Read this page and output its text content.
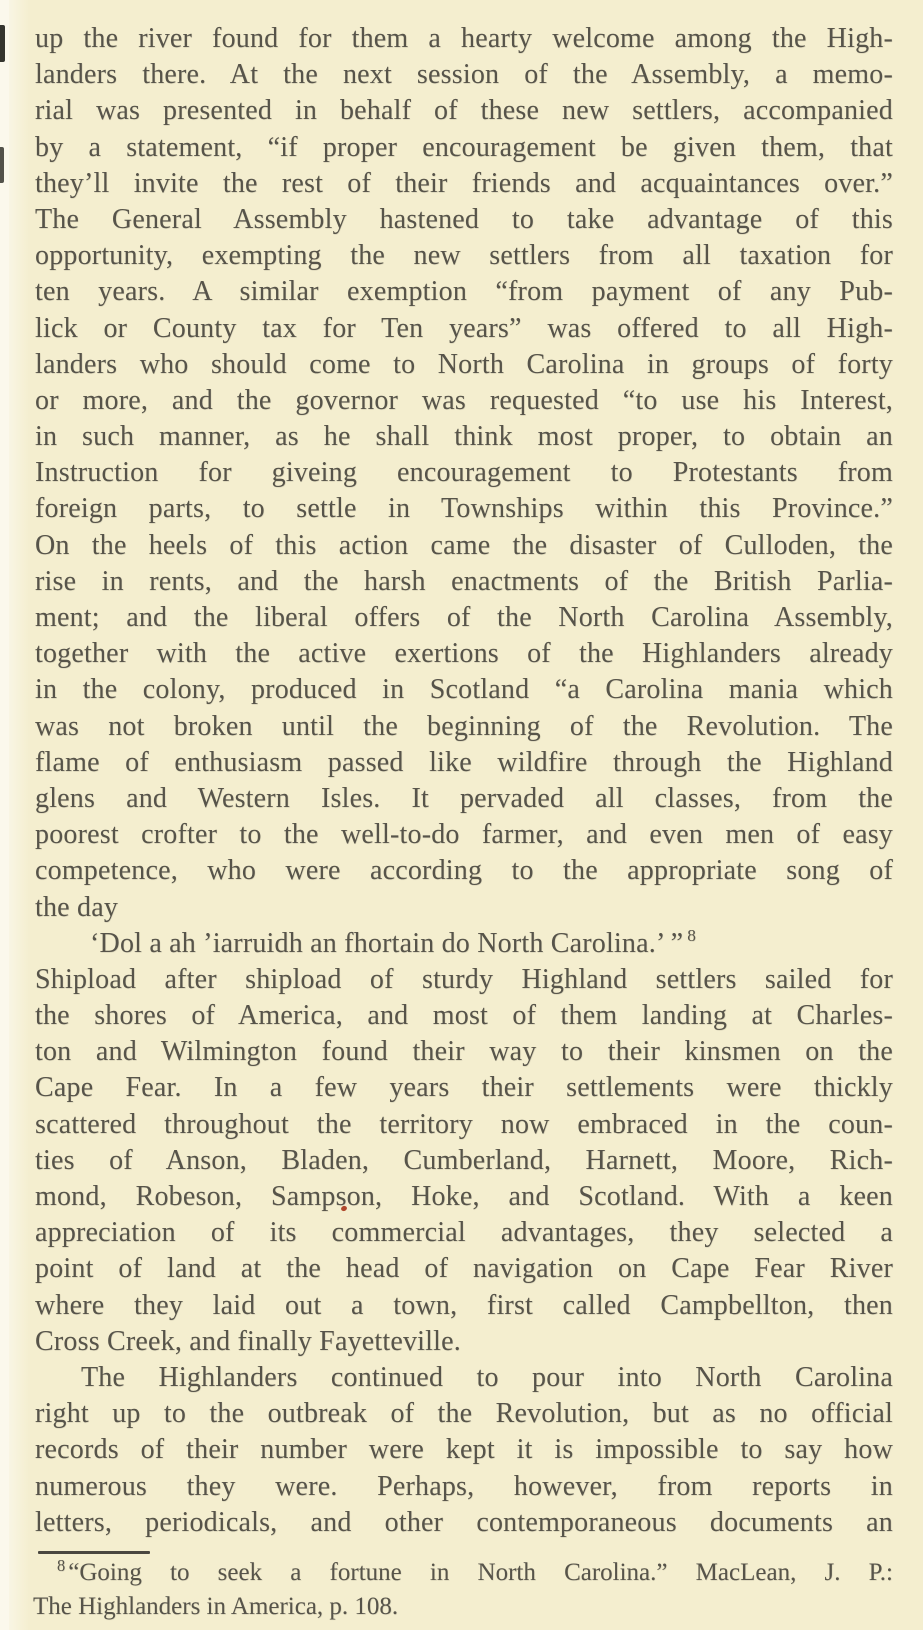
up the river found for them a hearty welcome among the High-
landers there. At the next session of the Assembly, a memo-
rial was presented in behalf of these new settlers, accompanied
by a statement, “if proper encouragement be given them, that
they’ll invite the rest of their friends and acquaintances over.”
The General Assembly hastened to take advantage of this
opportunity, exempting the new settlers from all taxation for
ten years. A similar exemption “from payment of any Pub-
lick or County tax for Ten years” was offered to all High-
landers who should come to North Carolina in groups of forty
or more, and the governor was requested “to use his Interest,
in such manner, as he shall think most proper, to obtain an
Instruction for giveing encouragement to Protestants from
foreign parts, to settle in Townships within this Province.”
On the heels of this action came the disaster of Culloden, the
rise in rents, and the harsh enactments of the British Parlia-
ment; and the liberal offers of the North Carolina Assembly,
together with the active exertions of the Highlanders already
in the colony, produced in Scotland “a Carolina mania which
was not broken until the beginning of the Revolution. The
flame of enthusiasm passed like wildfire through the Highland
glens and Western Isles. It pervaded all classes, from the
poorest crofter to the well-to-do farmer, and even men of easy
competence, who were according to the appropriate song of
the day
‘Dol a ah ’iarruidh an fhortain do North Carolina.’ ” $^8$
Shipload after shipload of sturdy Highland settlers sailed for
the shores of America, and most of them landing at Charles-
ton and Wilmington found their way to their kinsmen on the
Cape Fear. In a few years their settlements were thickly
scattered throughout the territory now embraced in the coun-
ties of Anson, Bladen, Cumberland, Harnett, Moore, Rich-
mond, Robeson, Sampson, Hoke, and Scotland. With a keen
appreciation of its commercial advantages, they selected a
point of land at the head of navigation on Cape Fear River
where they laid out a town, first called Campbellton, then
Cross Creek, and finally Fayetteville.
The Highlanders continued to pour into North Carolina
right up to the outbreak of the Revolution, but as no official
records of their number were kept it is impossible to say how
numerous they were. Perhaps, however, from reports in
letters, periodicals, and other contemporaneous documents an
$^8$ “Going to seek a fortune in North Carolina.” MacLean, J. P.:
The Highlanders in America, p. 108.
